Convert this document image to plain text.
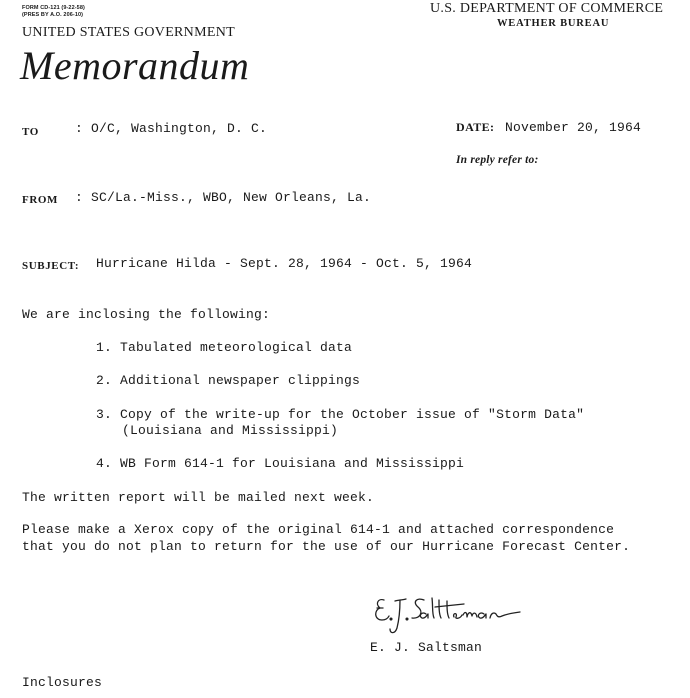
FORM CD-121 (9-22-58)
(PRES BY A.O. 206-10)
UNITED STATES GOVERNMENT
Memorandum
U.S. DEPARTMENT OF COMMERCE
WEATHER BUREAU
TO	: O/C, Washington, D. C.	DATE: November 20, 1964
In reply refer to:
FROM : SC/La.-Miss., WBO, New Orleans, La.
SUBJECT: Hurricane Hilda - Sept. 28, 1964 - Oct. 5, 1964
We are inclosing the following:
1. Tabulated meteorological data
2. Additional newspaper clippings
3. Copy of the write-up for the October issue of "Storm Data"
(Louisiana and Mississippi)
4. WB Form 614-1 for Louisiana and Mississippi
The written report will be mailed next week.
Please make a Xerox copy of the original 614-1 and attached correspondence
that you do not plan to return for the use of our Hurricane Forecast Center.
E. J. Saltsman
Inclosures
